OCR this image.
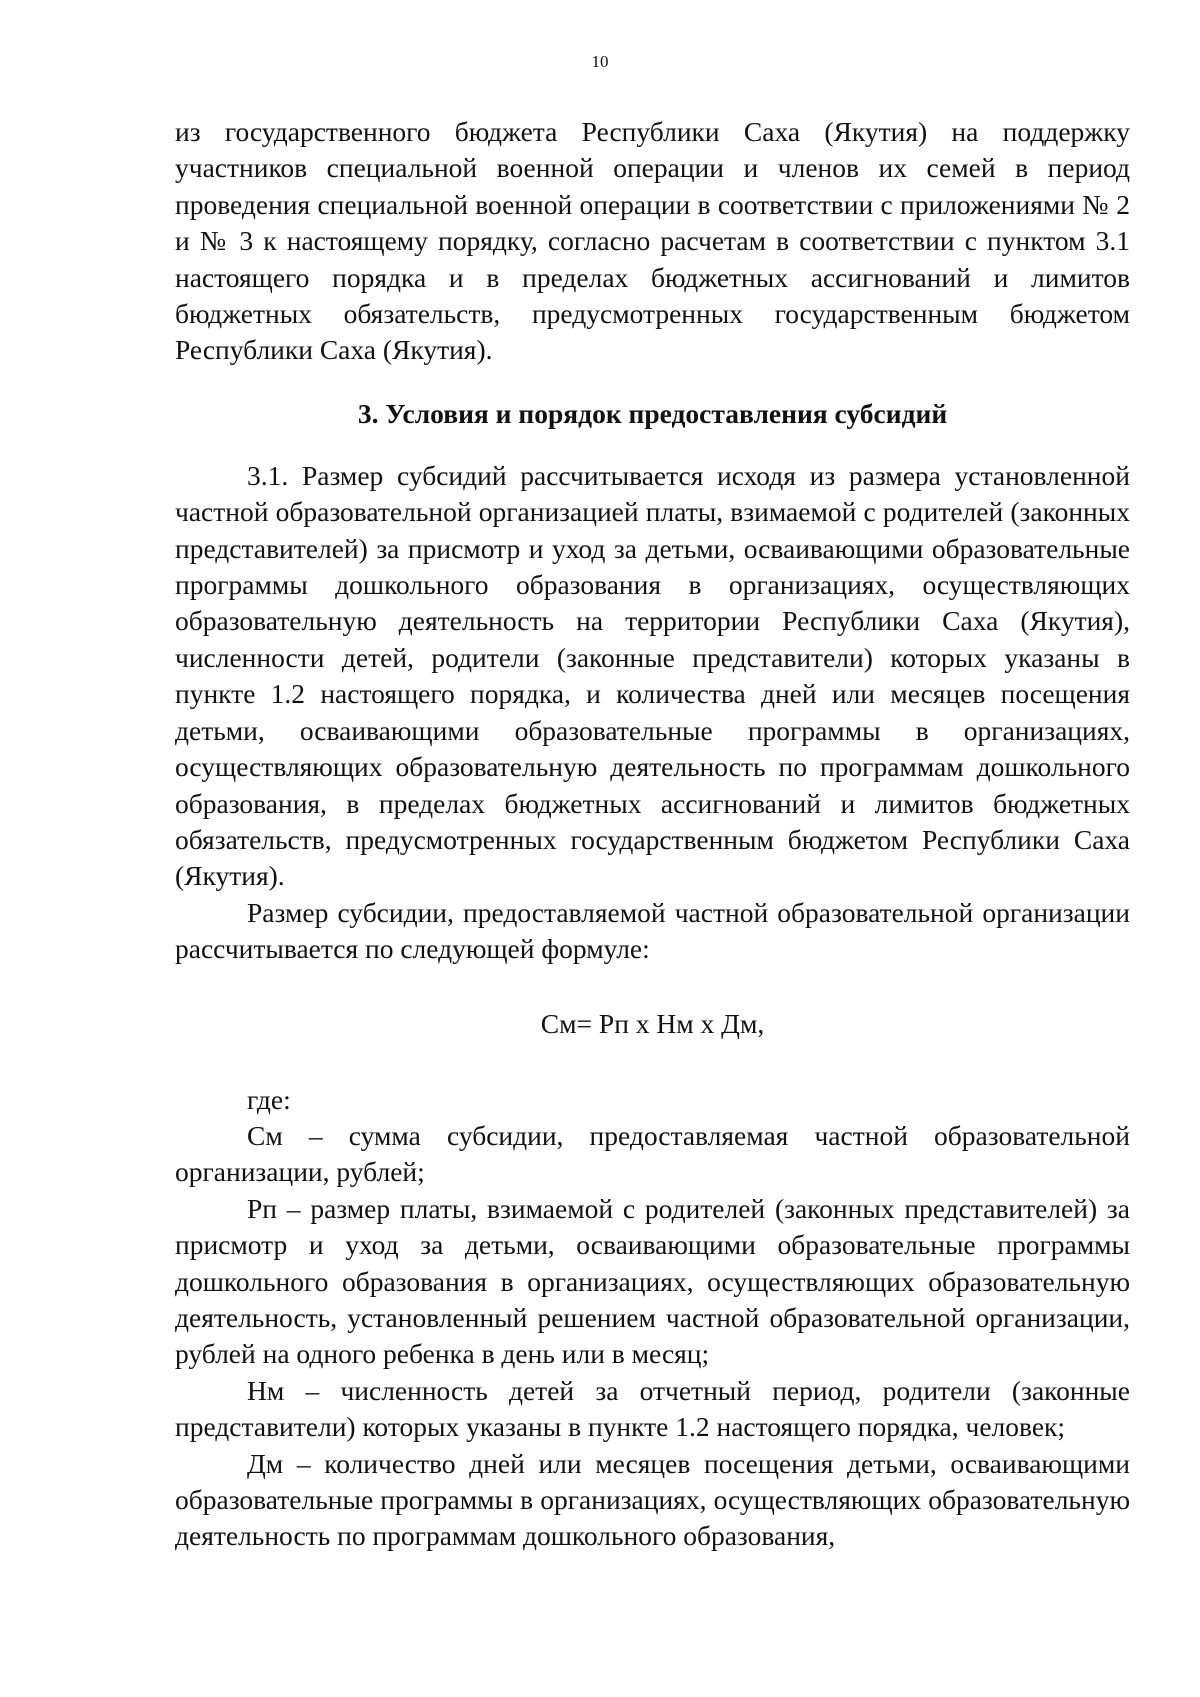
10

из государственного бюджета Республики Саха (Якутия) на поддержку участников специальной военной операции и членов их семей в период проведения специальной военной операции в соответствии с приложениями № 2 и № 3 к настоящему порядку, согласно расчетам в соответствии с пунктом 3.1 настоящего порядка и в пределах бюджетных ассигнований и лимитов бюджетных обязательств, предусмотренных государственным бюджетом Республики Саха (Якутия).

3. Условия и порядок предоставления субсидий

3.1. Размер субсидий рассчитывается исходя из размера установленной частной образовательной организацией платы, взимаемой с родителей (законных представителей) за присмотр и уход за детьми, осваивающими образовательные программы дошкольного образования в организациях, осуществляющих образовательную деятельность на территории Республики Саха (Якутия), численности детей, родители (законные представители) которых указаны в пункте 1.2 настоящего порядка, и количества дней или месяцев посещения детьми, осваивающими образовательные программы в организациях, осуществляющих образовательную деятельность по программам дошкольного образования, в пределах бюджетных ассигнований и лимитов бюджетных обязательств, предусмотренных государственным бюджетом Республики Саха (Якутия).

Размер субсидии, предоставляемой частной образовательной организации рассчитывается по следующей формуле:

См= Рп х Нм х Дм,

где:

См – сумма субсидии, предоставляемая частной образовательной организации, рублей;

Рп – размер платы, взимаемой с родителей (законных представителей) за присмотр и уход за детьми, осваивающими образовательные программы дошкольного образования в организациях, осуществляющих образовательную деятельность, установленный решением частной образовательной организации, рублей на одного ребенка в день или в месяц;

Нм – численность детей за отчетный период, родители (законные представители) которых указаны в пункте 1.2 настоящего порядка, человек;

Дм – количество дней или месяцев посещения детьми, осваивающими образовательные программы в организациях, осуществляющих образовательную деятельность по программам дошкольного образования,
